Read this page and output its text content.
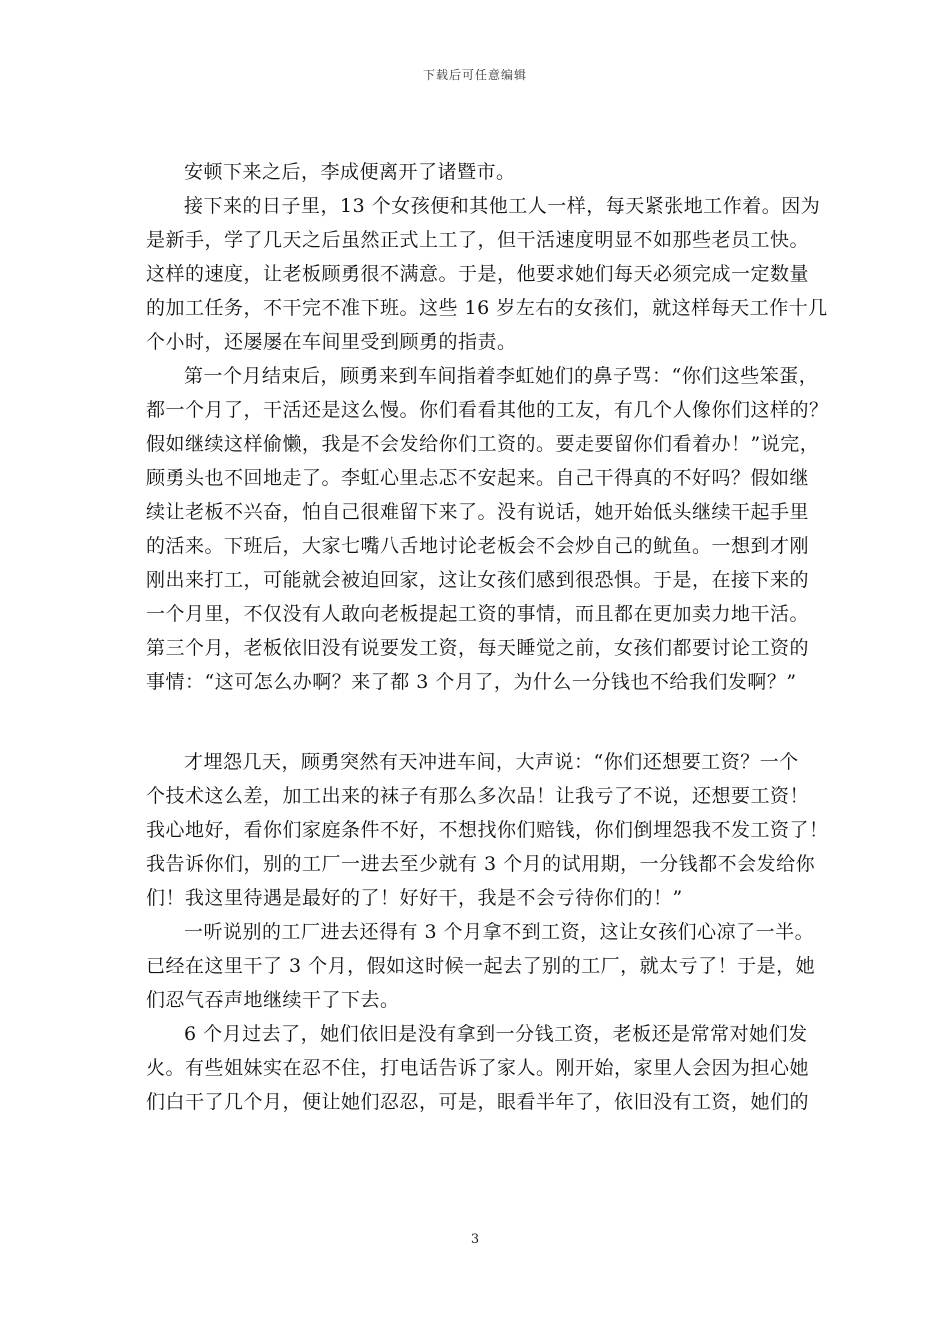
下载后可任意编辑
安顿下来之后，李成便离开了诸暨市。
接下来的日子里，13 个女孩便和其他工人一样，每天紧张地工作着。因为
是新手，学了几天之后虽然正式上工了，但干活速度明显不如那些老员工快。
这样的速度，让老板顾勇很不满意。于是，他要求她们每天必须完成一定数量
的加工任务，不干完不准下班。这些 16 岁左右的女孩们，就这样每天工作十几
个小时，还屡屡在车间里受到顾勇的指责。
第一个月结束后，顾勇来到车间指着李虹她们的鼻子骂：“你们这些笨蛋，
都一个月了，干活还是这么慢。你们看看其他的工友，有几个人像你们这样的？
假如继续这样偷懒，我是不会发给你们工资的。要走要留你们看着办！”说完，
顾勇头也不回地走了。李虹心里忐忑不安起来。自己干得真的不好吗？假如继
续让老板不兴奋，怕自己很难留下来了。没有说话，她开始低头继续干起手里
的活来。下班后，大家七嘴八舌地讨论老板会不会炒自己的鱿鱼。一想到才刚
刚出来打工，可能就会被迫回家，这让女孩们感到很恐惧。于是，在接下来的
一个月里，不仅没有人敢向老板提起工资的事情，而且都在更加卖力地干活。
第三个月，老板依旧没有说要发工资，每天睡觉之前，女孩们都要讨论工资的
事情：“这可怎么办啊？来了都 3 个月了，为什么一分钱也不给我们发啊？”
才埋怨几天，顾勇突然有天冲进车间，大声说：“你们还想要工资？一个
个技术这么差，加工出来的袜子有那么多次品！让我亏了不说，还想要工资！
我心地好，看你们家庭条件不好，不想找你们赔钱，你们倒埋怨我不发工资了！
我告诉你们，别的工厂一进去至少就有 3 个月的试用期，一分钱都不会发给你
们！我这里待遇是最好的了！好好干，我是不会亏待你们的！”
一听说别的工厂进去还得有 3 个月拿不到工资，这让女孩们心凉了一半。
已经在这里干了 3 个月，假如这时候一起去了别的工厂，就太亏了！于是，她
们忍气吞声地继续干了下去。
6 个月过去了，她们依旧是没有拿到一分钱工资，老板还是常常对她们发
火。有些姐妹实在忍不住，打电话告诉了家人。刚开始，家里人会因为担心她
们白干了几个月，便让她们忍忍，可是，眼看半年了，依旧没有工资，她们的
3
